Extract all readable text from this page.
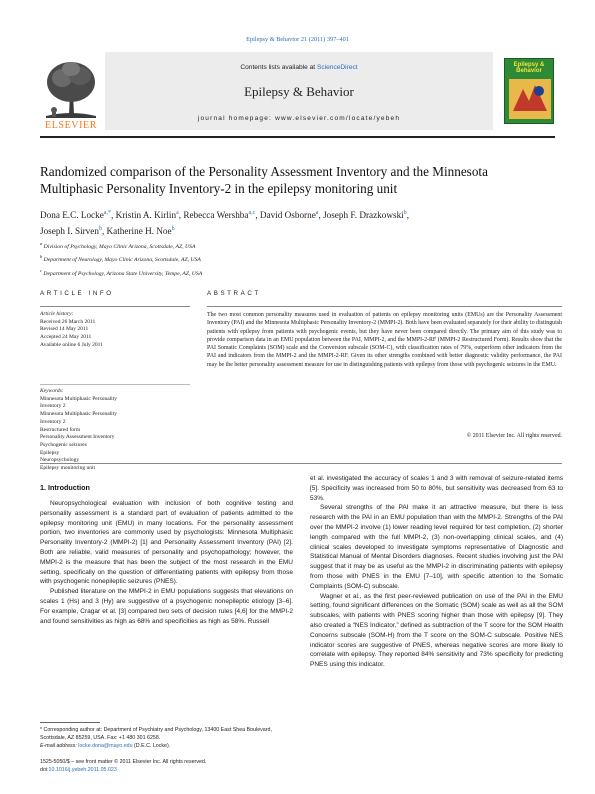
Epilepsy & Behavior 21 (2011) 397–401
Contents lists available at ScienceDirect
Epilepsy & Behavior
journal homepage: www.elsevier.com/locate/yebeh
ELSEVIER
Epilepsy & Behavior
Randomized comparison of the Personality Assessment Inventory and the Minnesota
Multiphasic Personality Inventory-2 in the epilepsy monitoring unit
Dona E.C. Locke$^{a,*}$, Kristin A. Kirlin$^a$, Rebecca Wershba$^{a,c}$, David Osborne$^a$, Joseph F. Drazkowski$^b$,
Joseph I. Sirven$^b$, Katherine H. Noe$^b$
$^a$ Division of Psychology, Mayo Clinic Arizona, Scottsdale, AZ, USA
$^b$ Department of Neurology, Mayo Clinic Arizona, Scottsdale, AZ, USA
$^c$ Department of Psychology, Arizona State University, Tempe, AZ, USA
ARTICLE INFO	ABSTRACT
Article history:
Received 26 March 2011
Revised 14 May 2011
Accepted 24 May 2011
Available online 6 July 2011
Keywords:
Minnesota Multiphasic Personality
Inventory 2
Minnesota Multiphasic Personality
Inventory 2
Restructured form
Personality Assessment Inventory
Psychogenic seizures
Epilepsy
Neuropsychology
Epilepsy monitoring unit
The two most common personality measures used in evaluation of patients on epilepsy monitoring units (EMUs) are the Personality Assessment Inventory (PAI) and the Minnesota Multiphasic Personality Inventory-2 (MMPI-2). Both have been evaluated separately for their ability to distinguish patients with epilepsy from patients with psychogenic events, but they have never been compared directly. The primary aim of this study was to provide comparison data in an EMU population between the PAI, MMPI-2, and the MMPI-2-RF (MMPI-2 Restructured Form). Results show that the PAI Somatic Complaints (SOM) scale and the Conversion subscale (SOM-C), with classification rates of 79%, outperform other indicators from the PAI and indicators from the MMPI-2 and the MMPI-2-RF. Given its other strengths combined with better diagnostic validity performance, the PAI may be the better personality assessment measure for use in distinguishing patients with epilepsy from those with psychogenic seizures in the EMU.
© 2011 Elsevier Inc. All rights reserved.
1. Introduction

Neuropsychological evaluation with inclusion of both cognitive testing and personality assessment is a standard part of evaluation of patients admitted to the epilepsy monitoring unit (EMU) in many locations. For the personality assessment portion, two inventories are commonly used by psychologists: Minnesota Multiphasic Personality Inventory-2 (MMPI-2) [1] and Personality Assessment Inventory (PAI) [2]. Both are reliable, valid measures of personality and psychopathology; however, the MMPI-2 is the measure that has been the subject of the most research in the EMU setting, specifically on the question of differentiating patients with epilepsy from those with psychogenic nonepileptic seizures (PNES).

Published literature on the MMPI-2 in EMU populations suggests that elevations on scales 1 (Hs) and 3 (Hy) are suggestive of a psychogenic nonepileptic etiology [3–6]. For example, Cragar et al. [3] compared two sets of decision rules [4,6] for the MMPI-2 and found sensitivities as high as 68% and specificities as high as 58%. Russell

et al. investigated the accuracy of scales 1 and 3 with removal of seizure-related items [5]. Specificity was increased from 50 to 80%, but sensitivity was decreased from 63 to 53%.

Several strengths of the PAI make it an attractive measure, but there is less research with the PAI in an EMU population than with the MMPI-2. Strengths of the PAI over the MMPI-2 involve (1) lower reading level required for test completion, (2) shorter length compared with the full MMPI-2, (3) non-overlapping clinical scales, and (4) clinical scales developed to investigate symptoms representative of Diagnostic and Statistical Manual of Mental Disorders diagnoses. Recent studies involving just the PAI suggest that it may be as useful as the MMPI-2 in discriminating patients with epilepsy from those with PNES in the EMU [7–10], with specific attention to the Somatic Complaints (SOM-C) subscale.

Wagner et al., as the first peer-reviewed publication on use of the PAI in the EMU setting, found significant differences on the Somatic (SOM) scale as well as all the SOM subscales, with patients with PNES scoring higher than those with epilepsy [9]. They also created a “NES Indicator,” defined as subtraction of the T score for the SOM Health Concerns subscale (SOM-H) from the T score on the SOM-C subscale. Positive NES indicator scores are suggestive of PNES, whereas negative scores are more likely to correlate with epilepsy. They reported 84% sensitivity and 73% specificity for predicting PNES using this indicator.

* Corresponding author at: Department of Psychiatry and Psychology, 13400 East Shea Boulevard, Scottsdale, AZ 85259, USA. Fax: +1 480 301 6258.
E-mail address: locke.dona@mayo.edu (D.E.C. Locke).
1525-5050/$ – see front matter © 2011 Elsevier Inc. All rights reserved.
doi:10.1016/j.yebeh.2011.05.023
